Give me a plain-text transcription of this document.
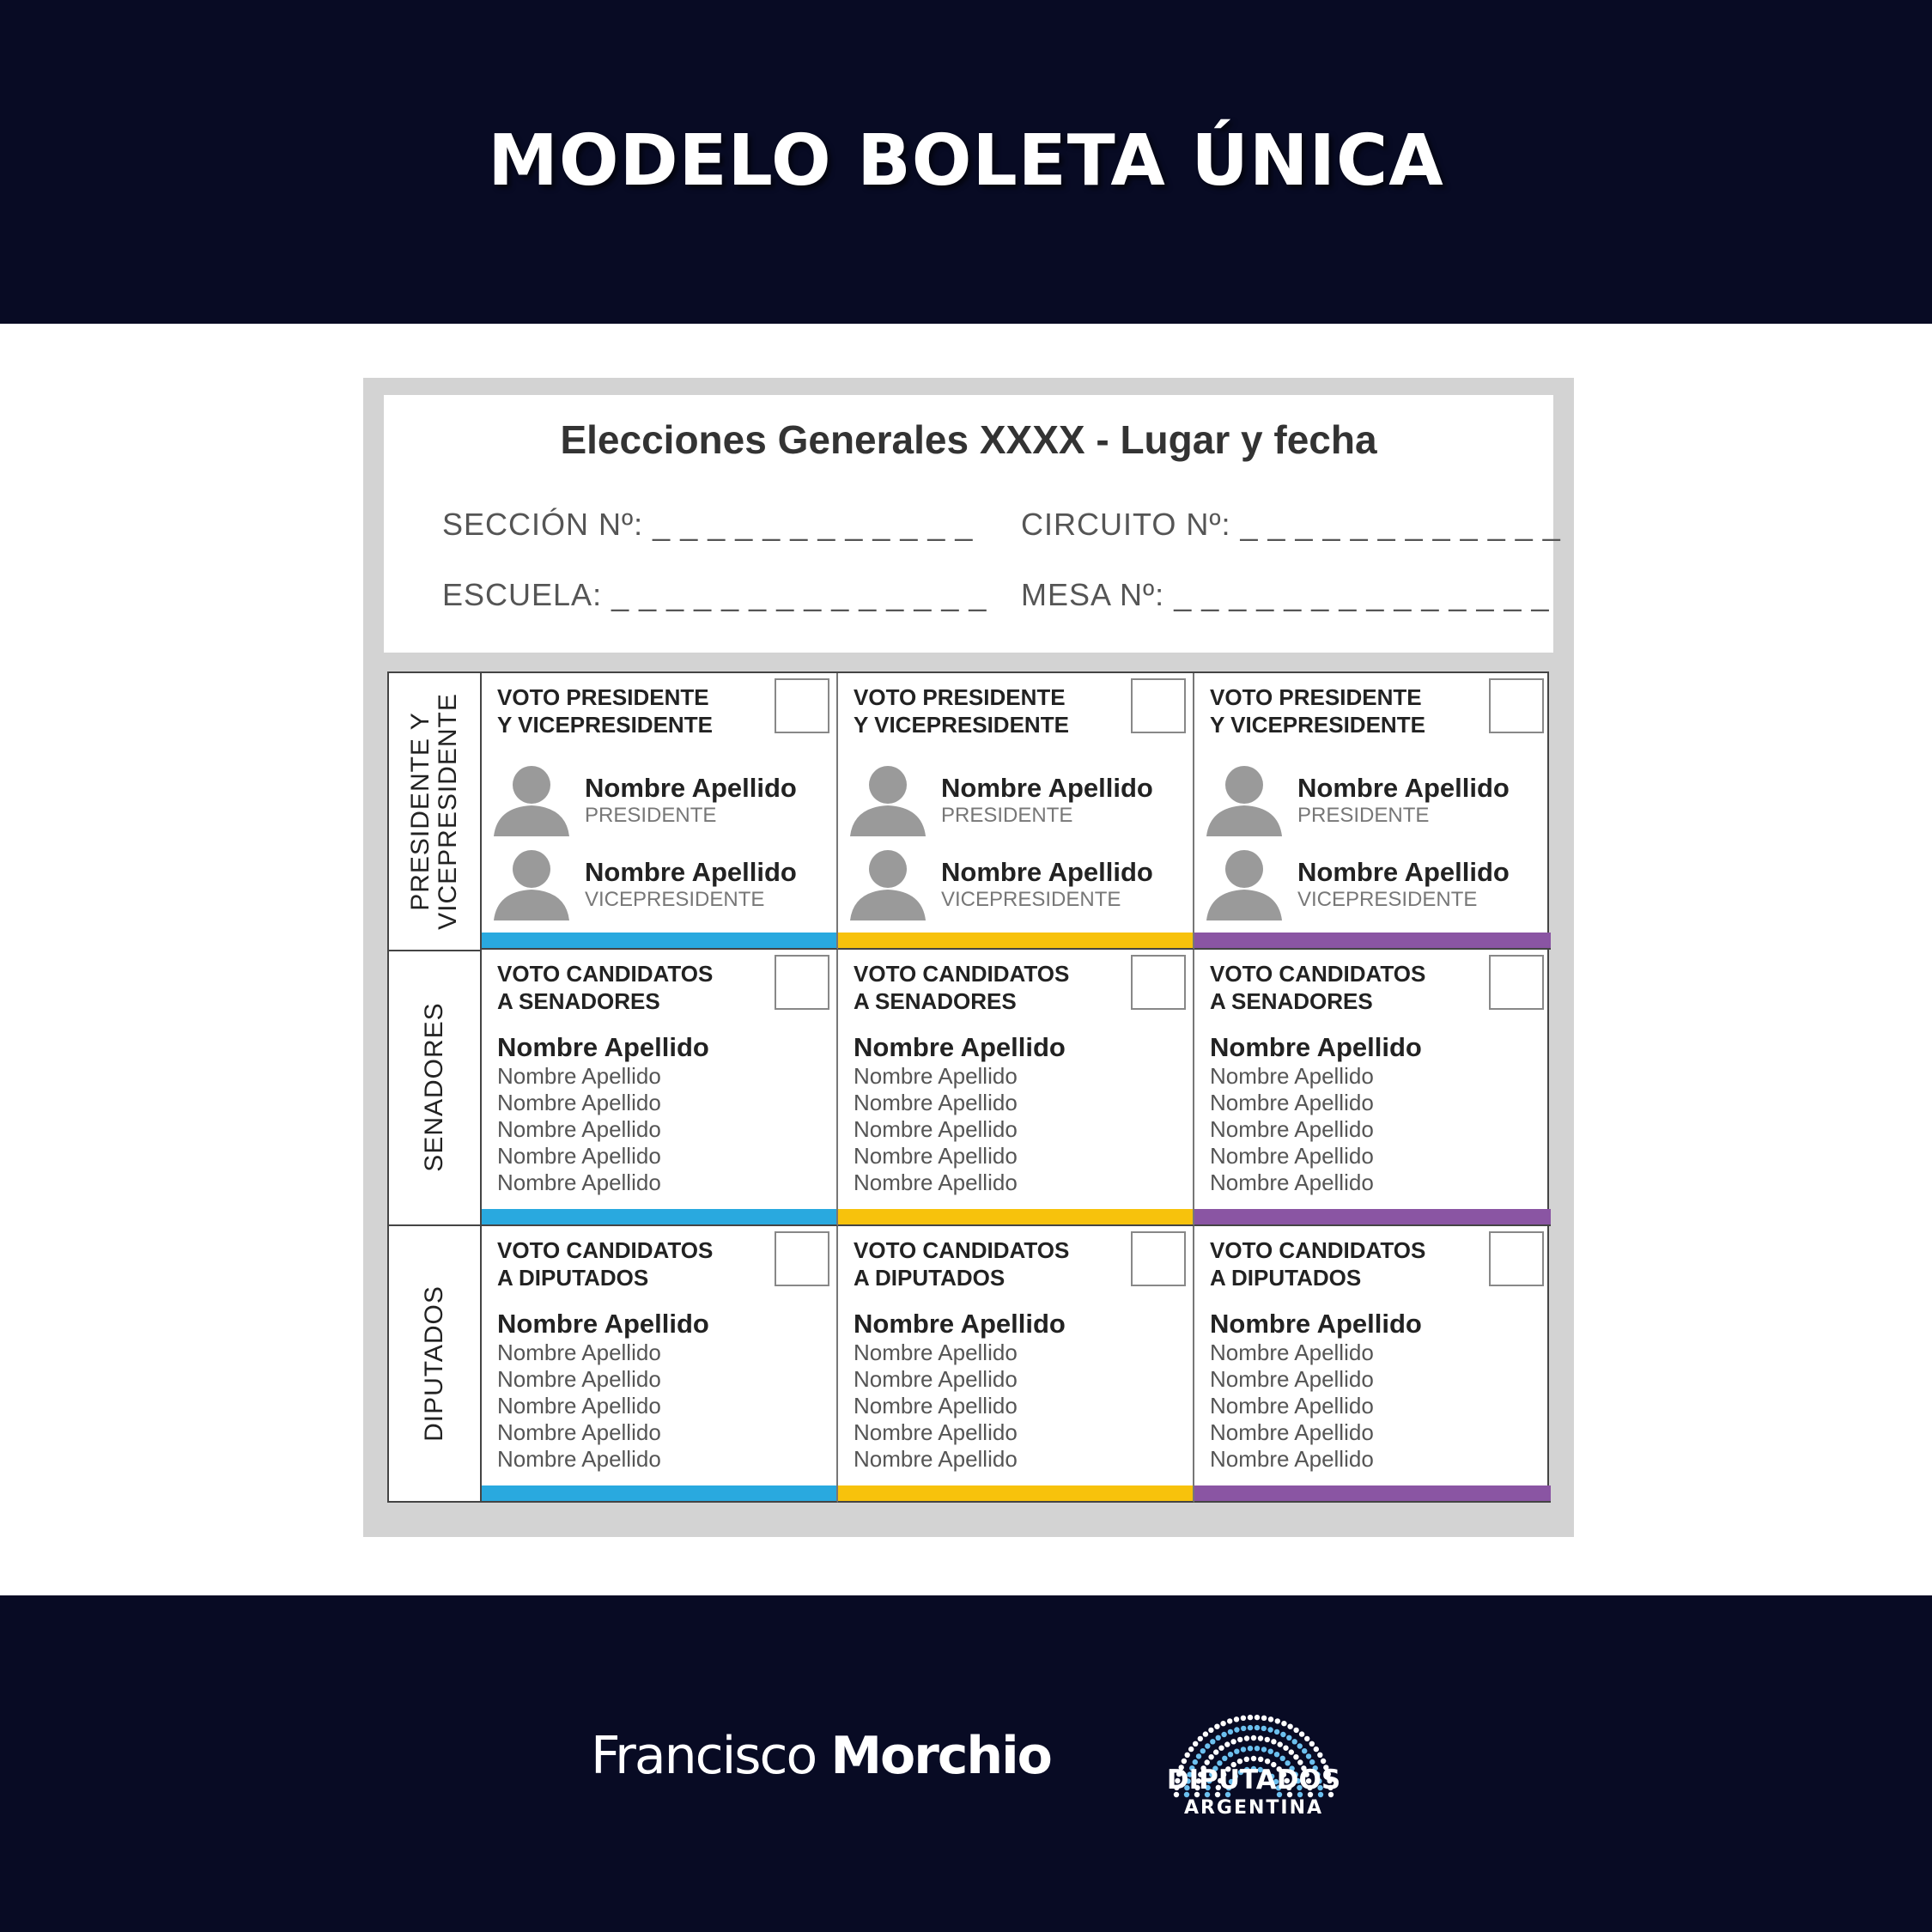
MODELO BOLETA ÚNICA
Elecciones Generales XXXX - Lugar y fecha
SECCIÓN Nº: _ _ _ _ _ _ _ _ _ _ _ _ CIRCUITO Nº: _ _ _ _ _ _ _ _ _ _ _ _
ESCUELA: _ _ _ _ _ _ _ _ _ _ _ _ _ _ MESA Nº: _ _ _ _ _ _ _ _ _ _ _ _ _ _
PRESIDENTE Y
VICEPRESIDENTE
SENADORES
DIPUTADOS
VOTO PRESIDENTE
Y VICEPRESIDENTE
Nombre Apellido
PRESIDENTE
Nombre Apellido
VICEPRESIDENTE
VOTO PRESIDENTE
Y VICEPRESIDENTE
Nombre Apellido
PRESIDENTE
Nombre Apellido
VICEPRESIDENTE
VOTO PRESIDENTE
Y VICEPRESIDENTE
Nombre Apellido
PRESIDENTE
Nombre Apellido
VICEPRESIDENTE
VOTO CANDIDATOS
A SENADORES
Nombre Apellido
Nombre Apellido
Nombre Apellido
Nombre Apellido
Nombre Apellido
Nombre Apellido
VOTO CANDIDATOS
A SENADORES
Nombre Apellido
Nombre Apellido
Nombre Apellido
Nombre Apellido
Nombre Apellido
Nombre Apellido
VOTO CANDIDATOS
A SENADORES
Nombre Apellido
Nombre Apellido
Nombre Apellido
Nombre Apellido
Nombre Apellido
Nombre Apellido
VOTO CANDIDATOS
A DIPUTADOS
Nombre Apellido
Nombre Apellido
Nombre Apellido
Nombre Apellido
Nombre Apellido
Nombre Apellido
VOTO CANDIDATOS
A DIPUTADOS
Nombre Apellido
Nombre Apellido
Nombre Apellido
Nombre Apellido
Nombre Apellido
Nombre Apellido
VOTO CANDIDATOS
A DIPUTADOS
Nombre Apellido
Nombre Apellido
Nombre Apellido
Nombre Apellido
Nombre Apellido
Nombre Apellido
Francisco Morchio	DIPUTADOS
ARGENTINA
